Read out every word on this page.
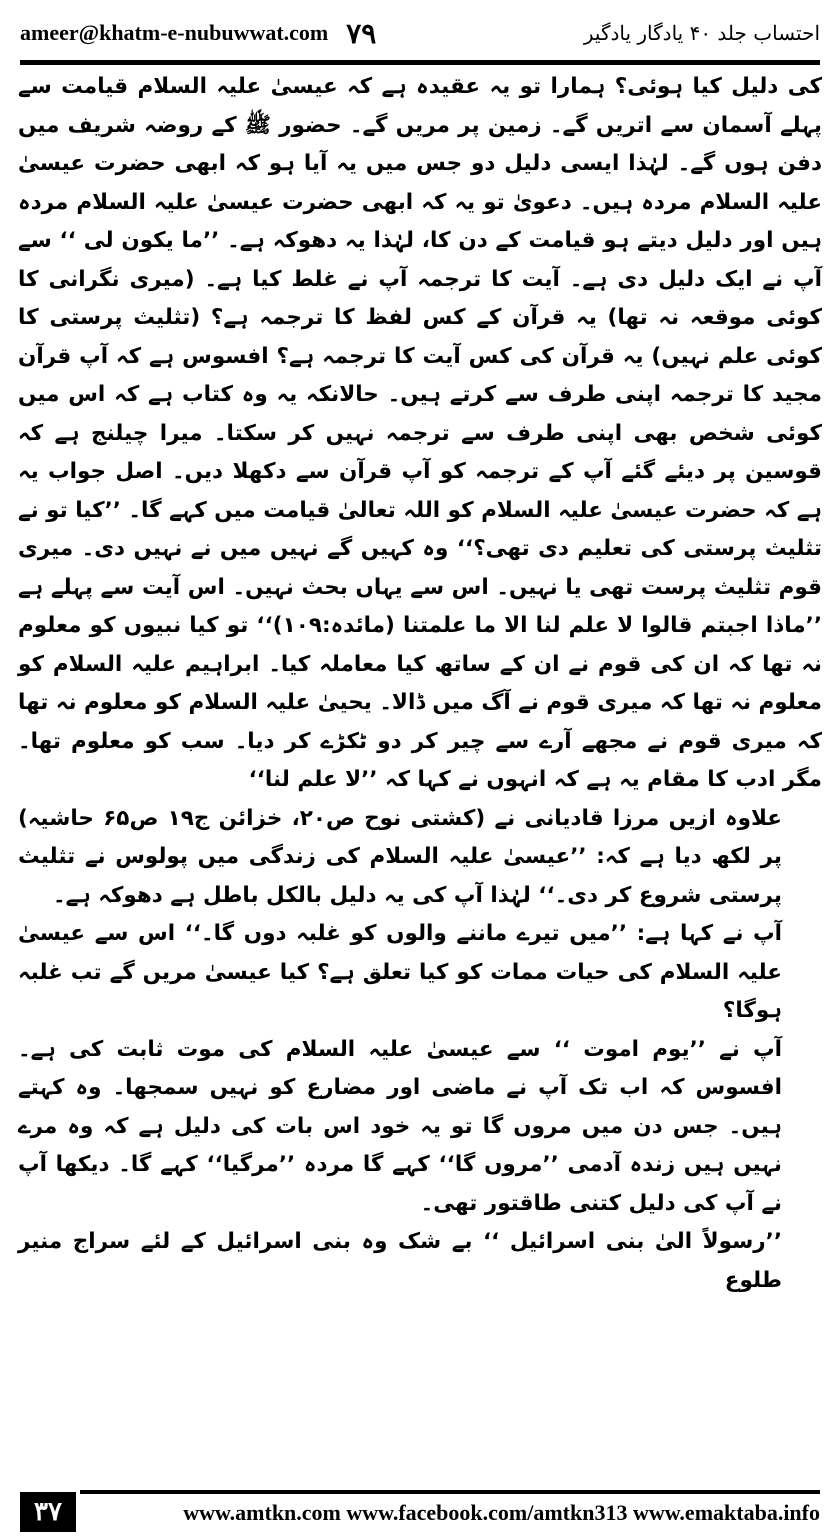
ameer@khatm-e-nubuwwat.com ۷۹	احتساب جلد ۴۰ یادگار یادگیر

کی دلیل کیا ہوئی؟ ہمارا تو یہ عقیدہ ہے کہ عیسیٰ علیہ السلام قیامت سے پہلے آسمان سے اتریں گے۔ زمین پر مریں گے۔ حضور ﷺ کے روضہ شریف میں دفن ہوں گے۔ لہٰذا ایسی دلیل دو جس میں یہ آیا ہو کہ ابھی حضرت عیسیٰ علیہ السلام مردہ ہیں۔ دعویٰ تو یہ کہ ابھی حضرت عیسیٰ علیہ السلام مردہ ہیں اور دلیل دیتے ہو قیامت کے دن کا، لہٰذا یہ دھوکہ ہے۔ ’’ما یکون لی ‘‘ سے آپ نے ایک دلیل دی ہے۔ آیت کا ترجمہ آپ نے غلط کیا ہے۔ (میری نگرانی کا کوئی موقعہ نہ تھا) یہ قرآن کے کس لفظ کا ترجمہ ہے؟ (تثلیث پرستی کا کوئی علم نہیں) یہ قرآن کی کس آیت کا ترجمہ ہے؟ افسوس ہے کہ آپ قرآن مجید کا ترجمہ اپنی طرف سے کرتے ہیں۔ حالانکہ یہ وہ کتاب ہے کہ اس میں کوئی شخص بھی اپنی طرف سے ترجمہ نہیں کر سکتا۔ میرا چیلنج ہے کہ قوسین پر دیئے گئے آپ کے ترجمہ کو آپ قرآن سے دکھلا دیں۔ اصل جواب یہ ہے کہ حضرت عیسیٰ علیہ السلام کو اللہ تعالیٰ قیامت میں کہے گا۔ ’’کیا تو نے تثلیث پرستی کی تعلیم دی تھی؟‘‘ وہ کہیں گے نہیں میں نے نہیں دی۔ میری قوم تثلیث پرست تھی یا نہیں۔ اس سے یہاں بحث نہیں۔ اس آیت سے پہلے ہے ’’ماذا اجبتم قالوا لا علم لنا الا ما علمتنا (مائدہ:۱۰۹)‘‘ تو کیا نبیوں کو معلوم نہ تھا کہ ان کی قوم نے ان کے ساتھ کیا معاملہ کیا۔ ابراہیم علیہ السلام کو معلوم نہ تھا کہ میری قوم نے آگ میں ڈالا۔ یحییٰ علیہ السلام کو معلوم نہ تھا کہ میری قوم نے مجھے آرے سے چیر کر دو ٹکڑے کر دیا۔ سب کو معلوم تھا۔ مگر ادب کا مقام یہ ہے کہ انہوں نے کہا کہ ’’لا علم لنا‘‘

علاوہ ازیں مرزا قادیانی نے (کشتی نوح ص۲۰، خزائن ج۱۹ ص۶۵ حاشیہ) پر لکھ دیا ہے کہ: ’’عیسیٰ علیہ السلام کی زندگی میں پولوس نے تثلیث پرستی شروع کر دی۔‘‘ لہٰذا آپ کی یہ دلیل بالکل باطل ہے دھوکہ ہے۔

آپ نے کہا ہے: ’’میں تیرے ماننے والوں کو غلبہ دوں گا۔‘‘ اس سے عیسیٰ علیہ السلام کی حیات ممات کو کیا تعلق ہے؟ کیا عیسیٰ مریں گے تب غلبہ ہوگا؟

آپ نے ’’یوم اموت ‘‘ سے عیسیٰ علیہ السلام کی موت ثابت کی ہے۔ افسوس کہ اب تک آپ نے ماضی اور مضارع کو نہیں سمجھا۔ وہ کہتے ہیں۔ جس دن میں مروں گا تو یہ خود اس بات کی دلیل ہے کہ وہ مرے نہیں ہیں زندہ آدمی ’’مروں گا‘‘ کہے گا مردہ ’’مرگیا‘‘ کہے گا۔ دیکھا آپ نے آپ کی دلیل کتنی طاقتور تھی۔

’’رسولاً الیٰ بنی اسرائیل ‘‘ بے شک وہ بنی اسرائیل کے لئے سراج منیر طلوع

۳۷	www.amtkn.com www.facebook.com/amtkn313 www.emaktaba.info
